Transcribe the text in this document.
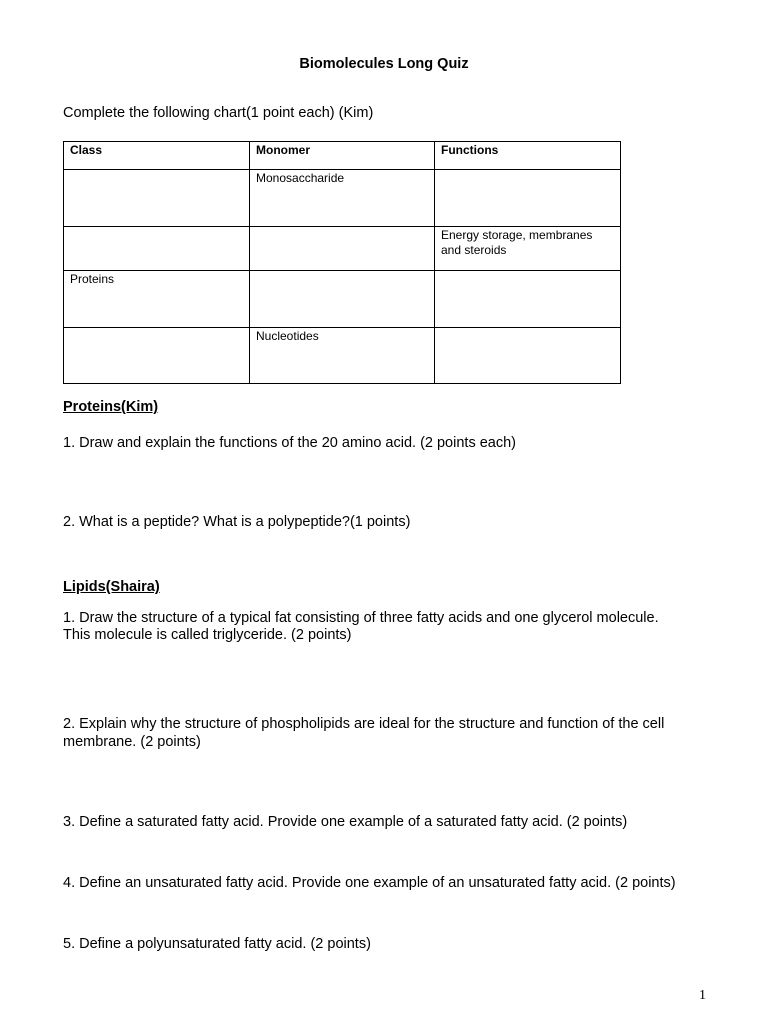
Biomolecules Long Quiz
Complete the following chart(1 point each) (Kim)
Class	Monomer	Functions
	Monosaccharide	
		Energy storage, membranes and steroids
Proteins		
	Nucleotides	
Proteins(Kim)
1. Draw and explain the functions of the 20 amino acid. (2 points each)
2. What is a peptide? What is a polypeptide?(1 points)
Lipids(Shaira)
1. Draw the structure of a typical fat consisting of three fatty acids and one glycerol molecule.
This molecule is called triglyceride. (2 points)
2. Explain why the structure of phospholipids are ideal for the structure and function of the cell
membrane. (2 points)
3. Define a saturated fatty acid. Provide one example of a saturated fatty acid. (2 points)
4. Define an unsaturated fatty acid. Provide one example of an unsaturated fatty acid. (2 points)
5. Define a polyunsaturated fatty acid. (2 points)
1
